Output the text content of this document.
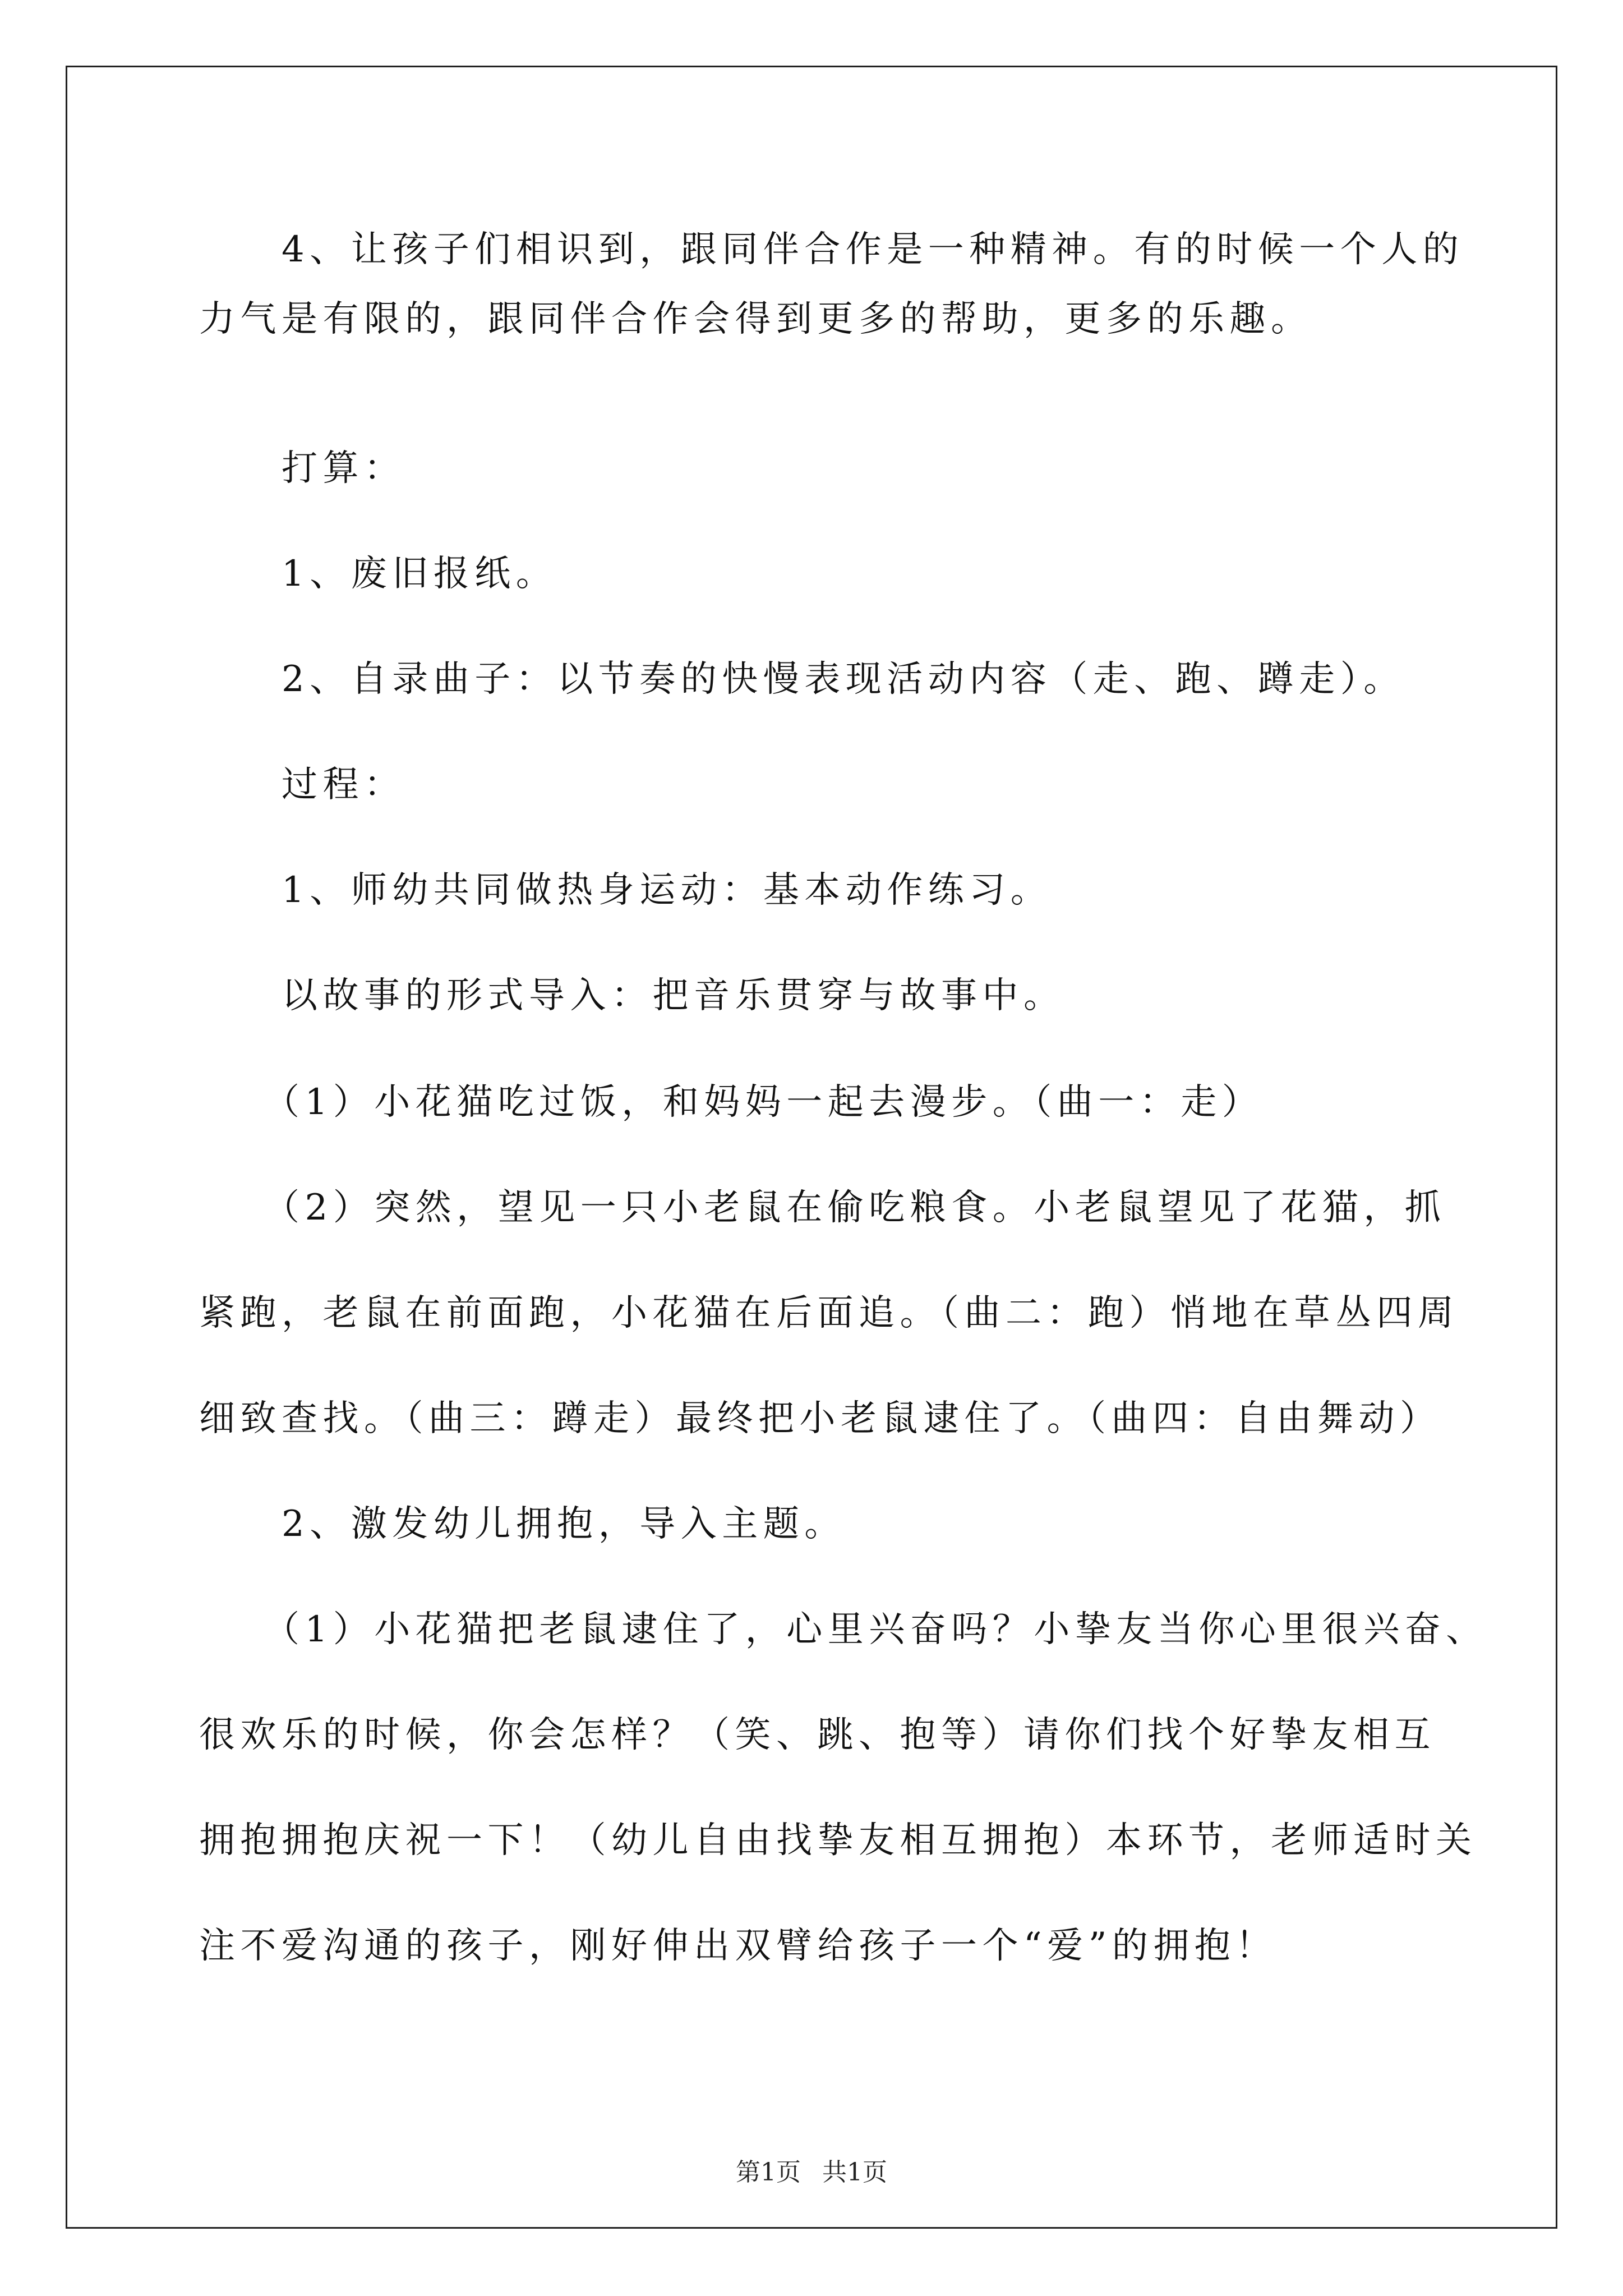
4、让孩子们相识到，跟同伴合作是一种精神。有的时候一个人的
力气是有限的，跟同伴合作会得到更多的帮助，更多的乐趣。
打算：
1、废旧报纸。
2、自录曲子：以节奏的快慢表现活动内容（走、跑、蹲走）。
过程：
1、师幼共同做热身运动：基本动作练习。
以故事的形式导入：把音乐贯穿与故事中。
（1）小花猫吃过饭，和妈妈一起去漫步。（曲一：走）
（2）突然，望见一只小老鼠在偷吃粮食。小老鼠望见了花猫，抓
紧跑，老鼠在前面跑，小花猫在后面追。（曲二：跑）悄地在草丛四周
细致查找。（曲三：蹲走）最终把小老鼠逮住了。（曲四：自由舞动）
2、激发幼儿拥抱，导入主题。
（1）小花猫把老鼠逮住了，心里兴奋吗？小挚友当你心里很兴奋、
很欢乐的时候，你会怎样？（笑、跳、抱等）请你们找个好挚友相互
拥抱拥抱庆祝一下！（幼儿自由找挚友相互拥抱）本环节，老师适时关
注不爱沟通的孩子，刚好伸出双臂给孩子一个“爱”的拥抱！
第1页 共1页
